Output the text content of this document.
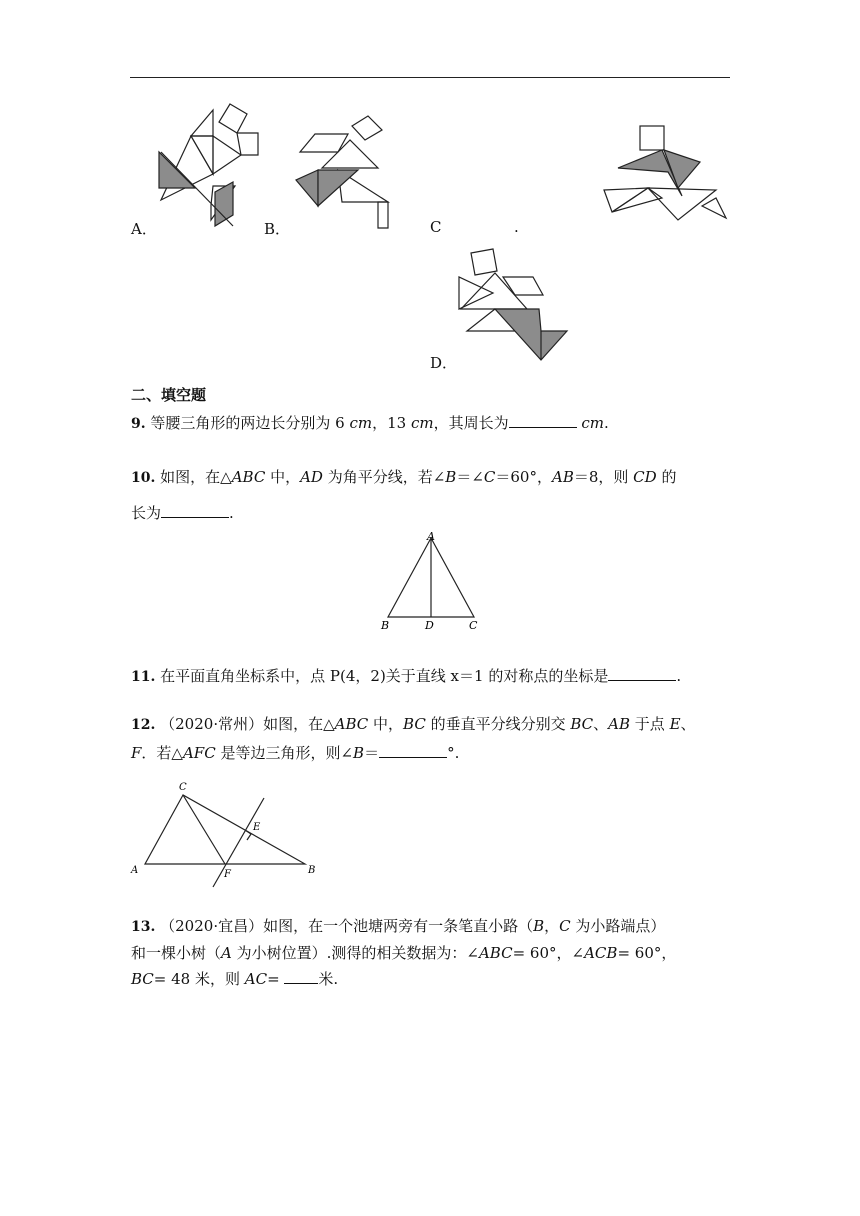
A．	B．	C	.
D．
二、填空题
9. 等腰三角形的两边长分别为 6 cm，13 cm，其周长为	cm.
10. 如图，在△ABC 中，AD 为角平分线，若∠B＝∠C＝60°，AB＝8，则 CD 的
长为	.
A
B	D	C
11. 在平面直角坐标系中，点 P(4，2)关于直线 x＝1 的对称点的坐标是	.
12. （2020·常州）如图，在△ABC 中，BC 的垂直平分线分别交 BC、AB 于点 E、
F．若△AFC 是等边三角形，则∠B＝	°.
C
E
A	F	B
13. （2020·宜昌）如图，在一个池塘两旁有一条笔直小路（B，C 为小路端点）
和一棵小树（A 为小树位置）.测得的相关数据为：∠ABC= 60°，∠ACB= 60°，
BC= 48 米，则 AC= 米.
